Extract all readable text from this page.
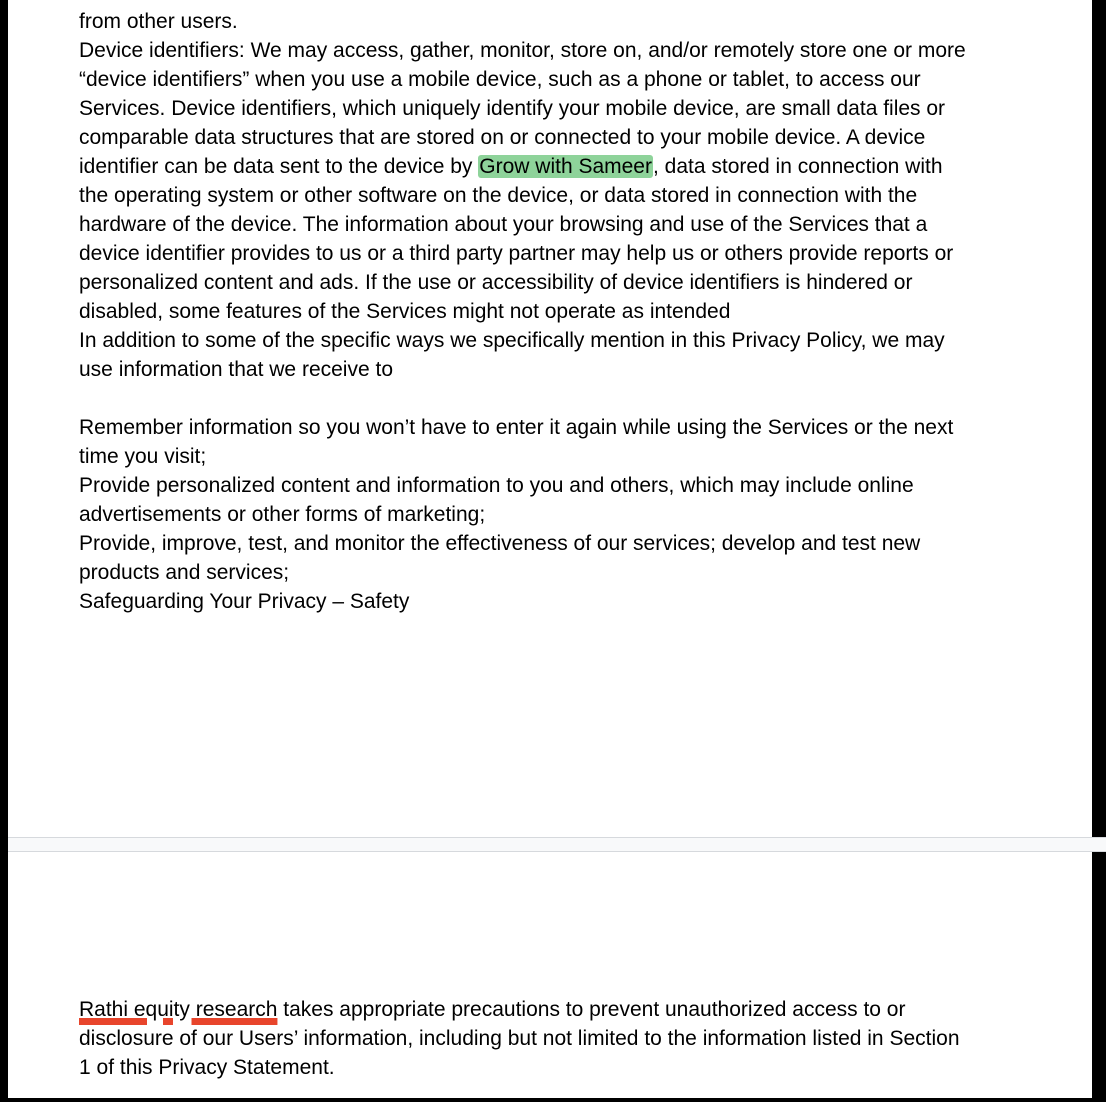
from other users.
Device identifiers: We may access, gather, monitor, store on, and/or remotely store one or more
“device identifiers” when you use a mobile device, such as a phone or tablet, to access our
Services. Device identifiers, which uniquely identify your mobile device, are small data files or
comparable data structures that are stored on or connected to your mobile device. A device
identifier can be data sent to the device by Grow with Sameer, data stored in connection with
the operating system or other software on the device, or data stored in connection with the
hardware of the device. The information about your browsing and use of the Services that a
device identifier provides to us or a third party partner may help us or others provide reports or
personalized content and ads. If the use or accessibility of device identifiers is hindered or
disabled, some features of the Services might not operate as intended
In addition to some of the specific ways we specifically mention in this Privacy Policy, we may
use information that we receive to
Remember information so you won’t have to enter it again while using the Services or the next
time you visit;
Provide personalized content and information to you and others, which may include online
advertisements or other forms of marketing;
Provide, improve, test, and monitor the effectiveness of our services; develop and test new
products and services;
Safeguarding Your Privacy – Safety
Rathi equity research takes appropriate precautions to prevent unauthorized access to or
disclosure of our Users’ information, including but not limited to the information listed in Section
1 of this Privacy Statement.
